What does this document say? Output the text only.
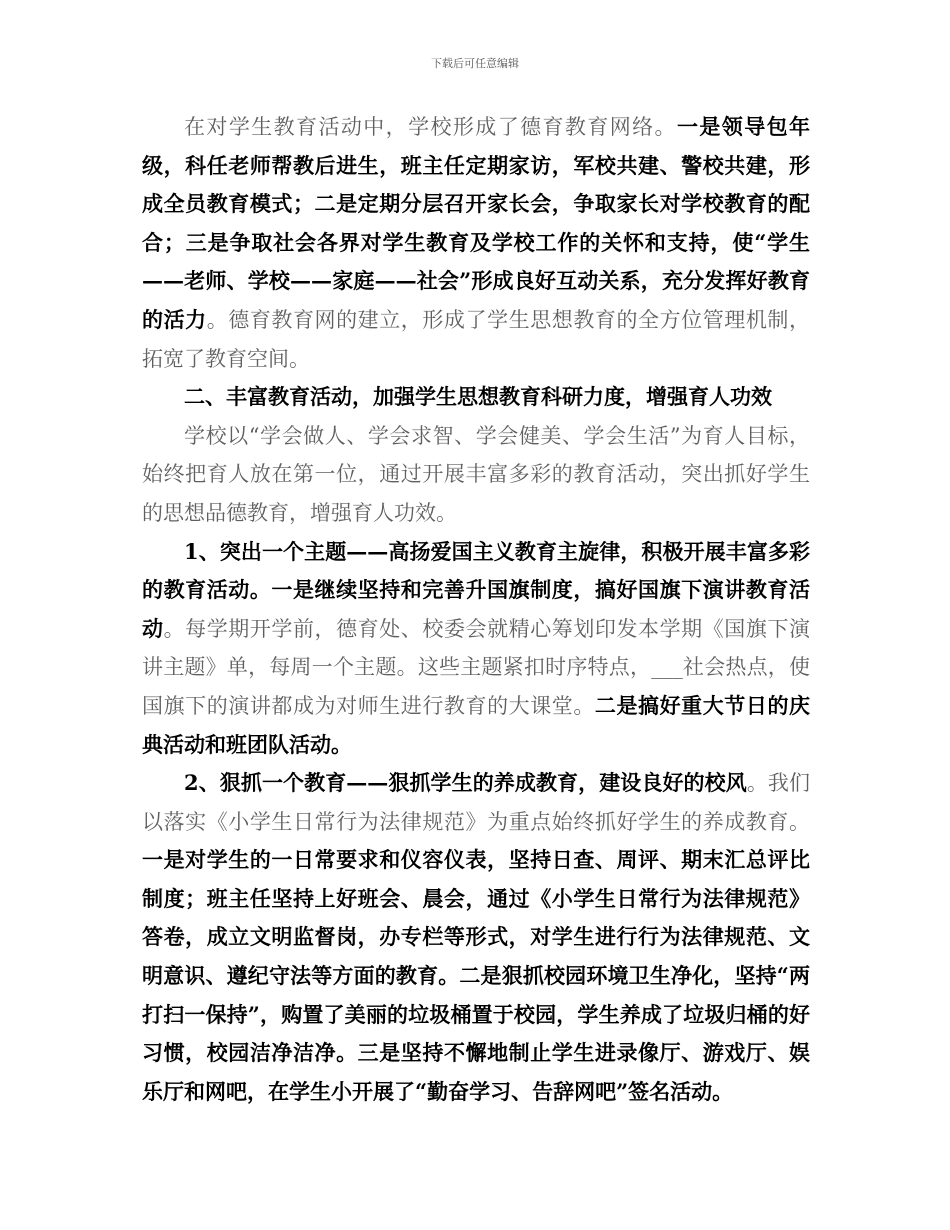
下载后可任意编辑

在对学生教育活动中，学校形成了德育教育网络。一是领导包年级，科任老师帮教后进生，班主任定期家访，军校共建、警校共建，形成全员教育模式；二是定期分层召开家长会，争取家长对学校教育的配合；三是争取社会各界对学生教育及学校工作的关怀和支持，使“学生——老师、学校——家庭——社会”形成良好互动关系，充分发挥好教育的活力。德育教育网的建立，形成了学生思想教育的全方位管理机制，拓宽了教育空间。

二、丰富教育活动，加强学生思想教育科研力度，增强育人功效

学校以“学会做人、学会求智、学会健美、学会生活”为育人目标，始终把育人放在第一位，通过开展丰富多彩的教育活动，突出抓好学生的思想品德教育，增强育人功效。

1、突出一个主题——高扬爱国主义教育主旋律，积极开展丰富多彩的教育活动。一是继续坚持和完善升国旗制度，搞好国旗下演讲教育活动。每学期开学前，德育处、校委会就精心筹划印发本学期《国旗下演讲主题》单，每周一个主题。这些主题紧扣时序特点，___社会热点，使国旗下的演讲都成为对师生进行教育的大课堂。二是搞好重大节日的庆典活动和班团队活动。

2、狠抓一个教育——狠抓学生的养成教育，建设良好的校风。我们以落实《小学生日常行为法律规范》为重点始终抓好学生的养成教育。一是对学生的一日常要求和仪容仪表，坚持日查、周评、期末汇总评比制度；班主任坚持上好班会、晨会，通过《小学生日常行为法律规范》答卷，成立文明监督岗，办专栏等形式，对学生进行行为法律规范、文明意识、遵纪守法等方面的教育。二是狠抓校园环境卫生净化，坚持“两打扫一保持”，购置了美丽的垃圾桶置于校园，学生养成了垃圾归桶的好习惯，校园洁净洁净。三是坚持不懈地制止学生进录像厅、游戏厅、娱乐厅和网吧，在学生小开展了“勤奋学习、告辞网吧”签名活动。
